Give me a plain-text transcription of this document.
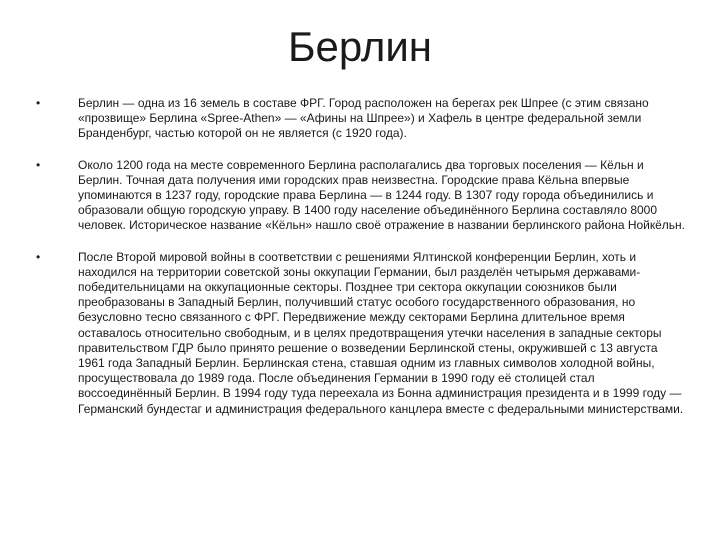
Берлин
•	Берлин — одна из 16 земель в составе ФРГ. Город расположен на берегах рек Шпрее (с этим связано «прозвище» Берлина «Spree-Athen» — «Афины на Шпрее») и Хафель в центре федеральной земли Бранденбург, частью которой он не является (с 1920 года).
•	Около 1200 года на месте современного Берлина располагались два торговых поселения — Кёльн и Берлин. Точная дата получения ими городских прав неизвестна. Городские права Кёльна впервые упоминаются в 1237 году, городские права Берлина — в 1244 году. В 1307 году города объединились и образовали общую городскую управу. В 1400 году население объединённого Берлина составляло 8000 человек. Историческое название «Кёльн» нашло своё отражение в названии берлинского района Нойкёльн.
•	После Второй мировой войны в соответствии с решениями Ялтинской конференции Берлин, хоть и находился на территории советской зоны оккупации Германии, был разделён четырьмя державами-победительницами на оккупационные секторы. Позднее три сектора оккупации союзников были преобразованы в Западный Берлин, получивший статус особого государственного образования, но безусловно тесно связанного с ФРГ. Передвижение между секторами Берлина длительное время оставалось относительно свободным, и в целях предотвращения утечки населения в западные секторы правительством ГДР было принято решение о возведении Берлинской стены, окружившей с 13 августа 1961 года Западный Берлин. Берлинская стена, ставшая одним из главных символов холодной войны, просуществовала до 1989 года. После объединения Германии в 1990 году её столицей стал воссоединённый Берлин. В 1994 году туда переехала из Бонна администрация президента и в 1999 году — Германский бундестаг и администрация федерального канцлера вместе с федеральными министерствами.
